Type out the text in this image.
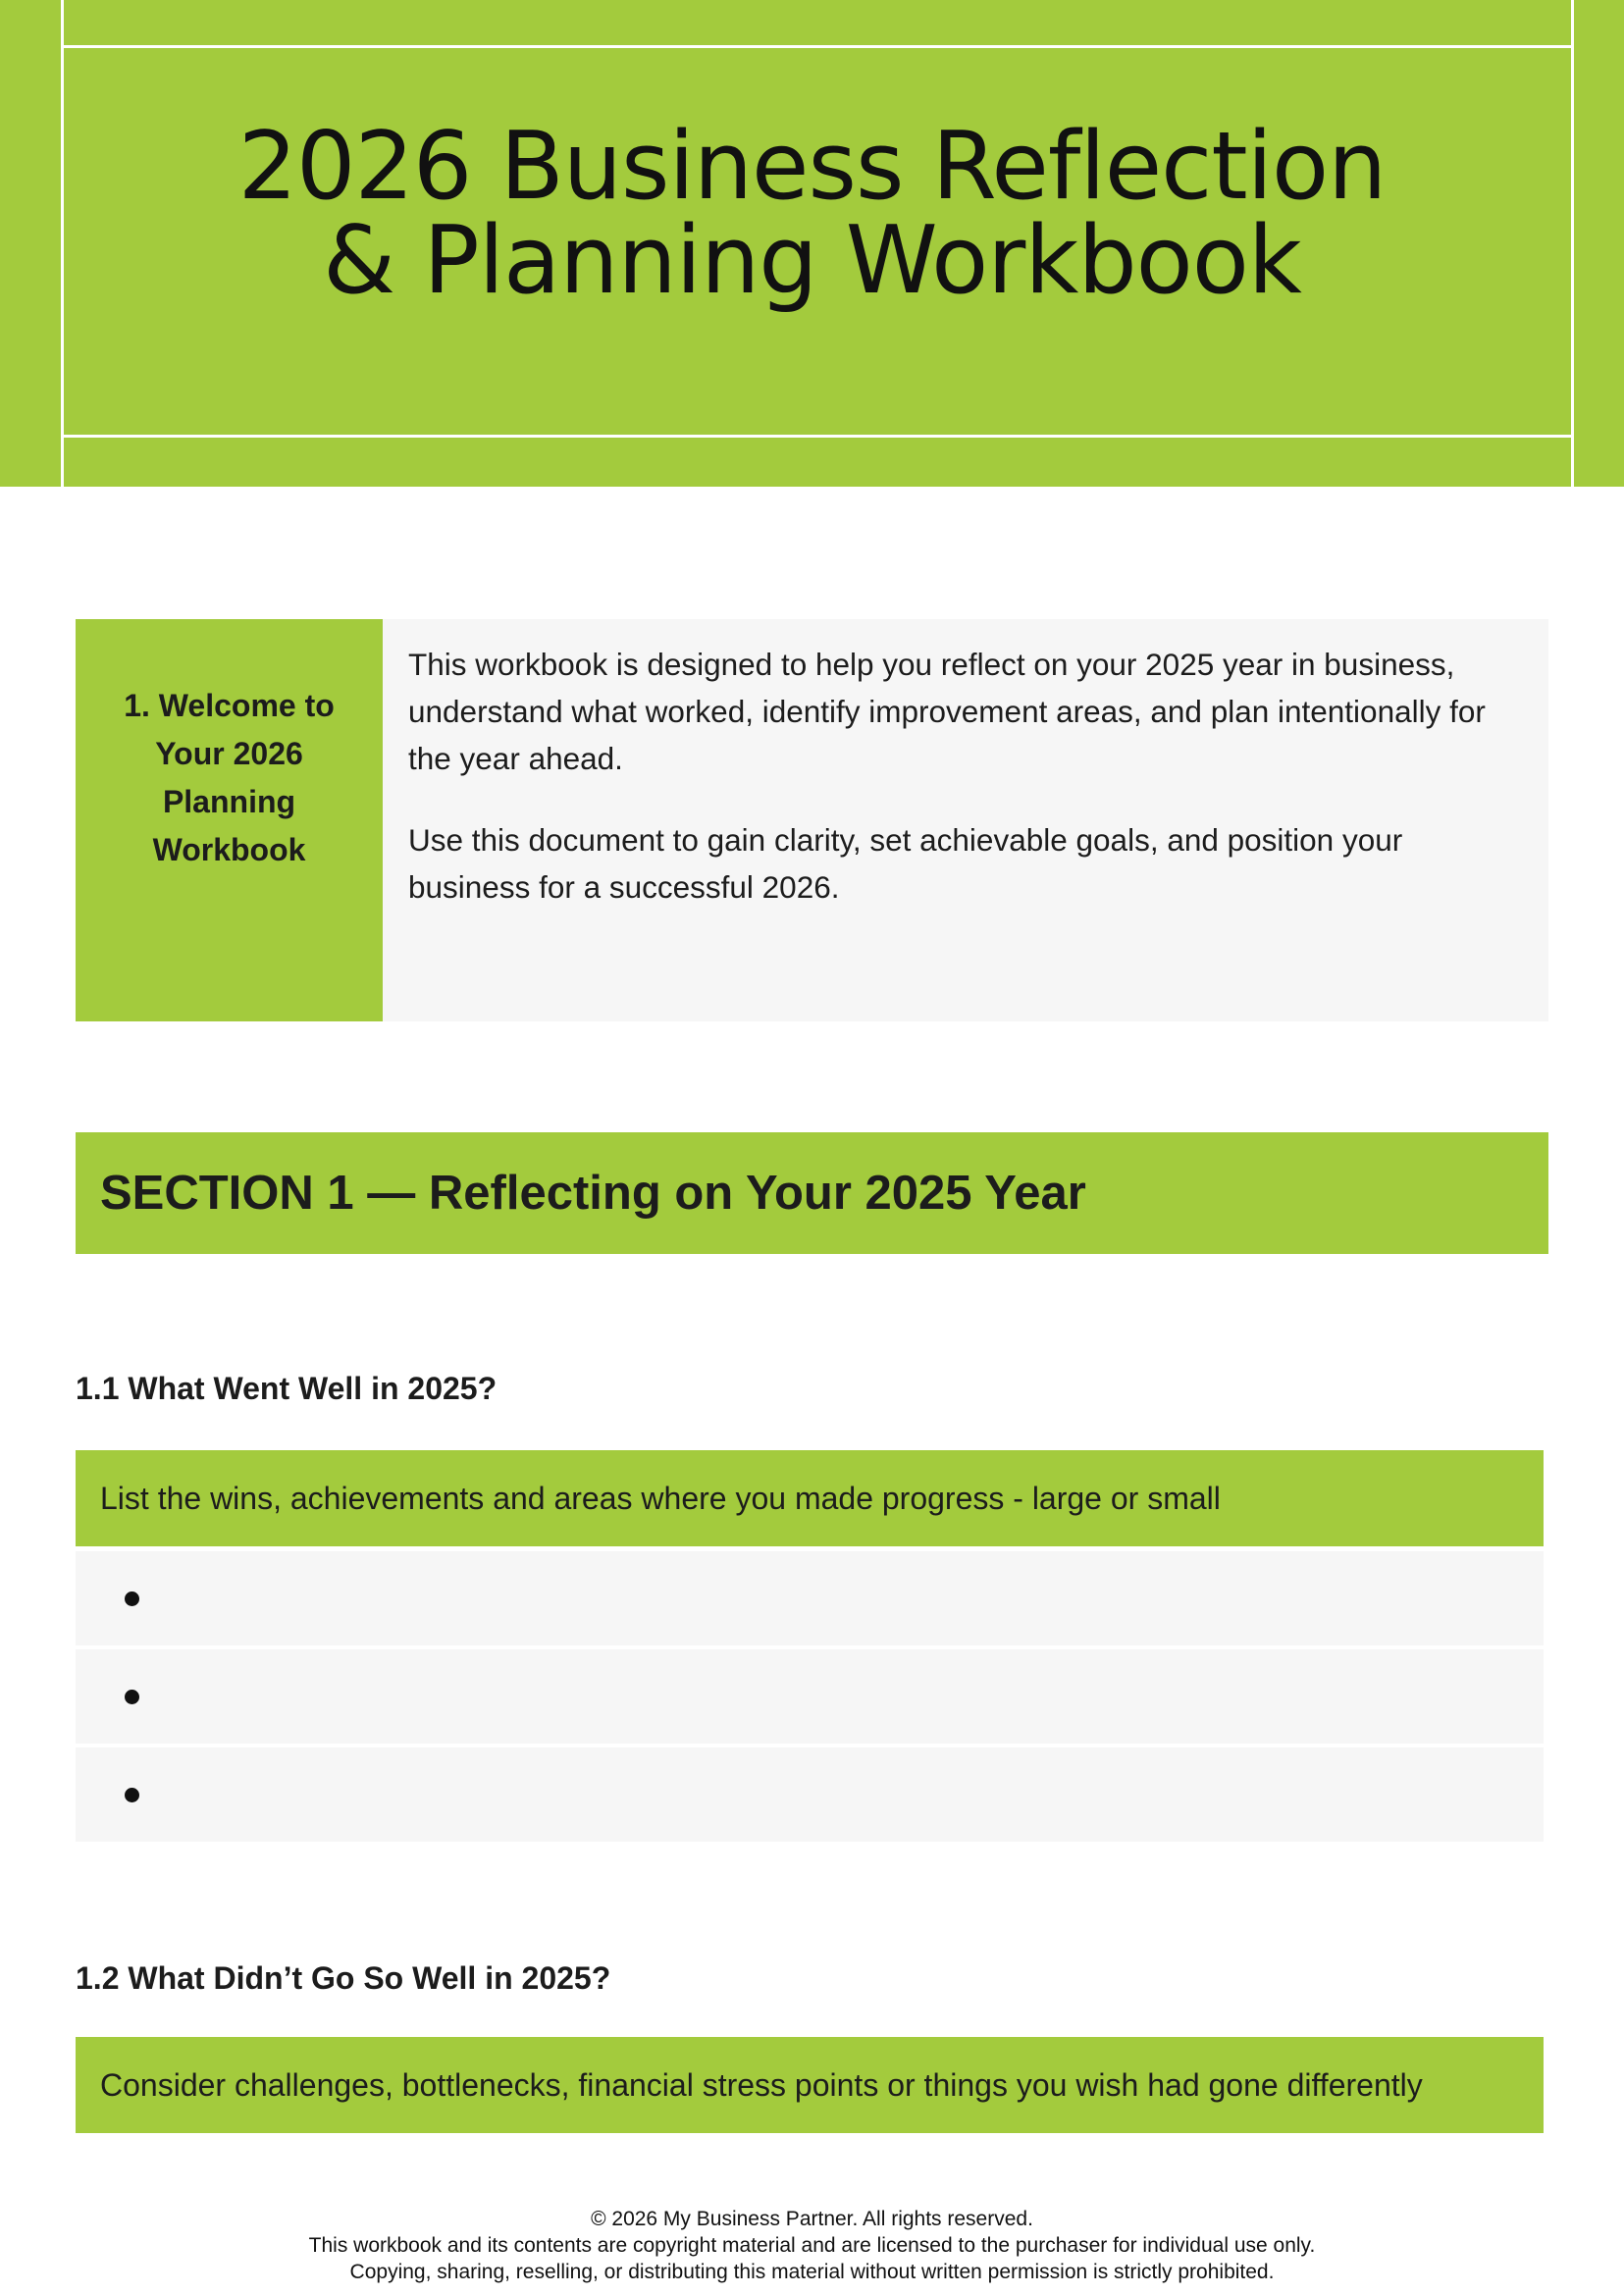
2026 Business Reflection
& Planning Workbook
1. Welcome to Your 2026 Planning Workbook

This workbook is designed to help you reflect on your 2025 year in business, understand what worked, identify improvement areas, and plan intentionally for the year ahead.

Use this document to gain clarity, set achievable goals, and position your business for a successful 2026.

SECTION 1 — Reflecting on Your 2025 Year
1.1 What Went Well in 2025?
List the wins, achievements and areas where you made progress - large or small
1.2 What Didn’t Go So Well in 2025?
Consider challenges, bottlenecks, financial stress points or things you wish had gone differently
© 2026 My Business Partner. All rights reserved.
This workbook and its contents are copyright material and are licensed to the purchaser for individual use only.
Copying, sharing, reselling, or distributing this material without written permission is strictly prohibited.
